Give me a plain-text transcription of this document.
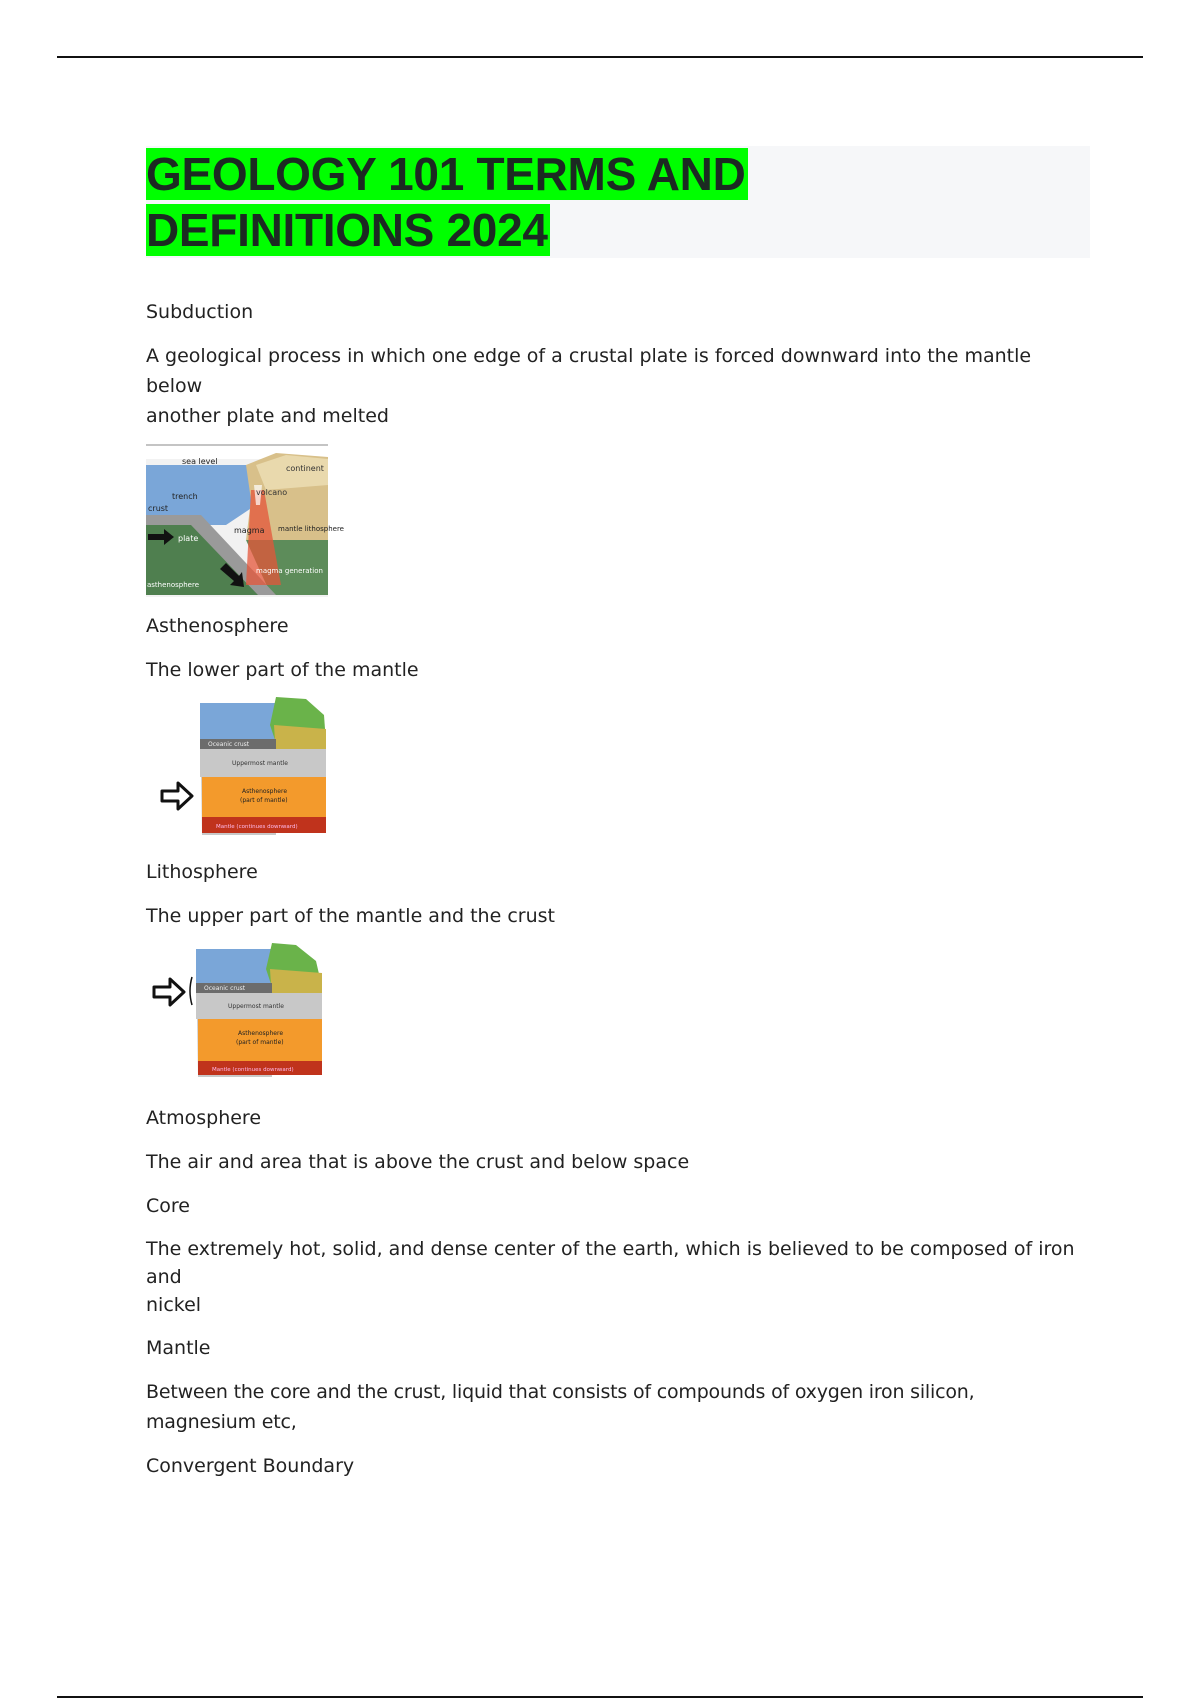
GEOLOGY 101 TERMS AND
DEFINITIONS 2024

Subduction

A geological process in which one edge of a crustal plate is forced downward into the mantle below
another plate and melted

sea level
continent
volcano
trench
crust
plate
magma mantle lithosphere
magma generation
asthenosphere

Asthenosphere

The lower part of the mantle

Oceanic crust
Uppermost mantle
Asthenosphere
(part of mantle)
Mantle (continues downward)

Lithosphere

The upper part of the mantle and the crust

Oceanic crust
Uppermost mantle
Asthenosphere
(part of mantle)
Mantle (continues downward)

Atmosphere

The air and area that is above the crust and below space

Core

The extremely hot, solid, and dense center of the earth, which is believed to be composed of iron and
nickel

Mantle

Between the core and the crust, liquid that consists of compounds of oxygen iron silicon, magnesium etc,

Convergent Boundary
